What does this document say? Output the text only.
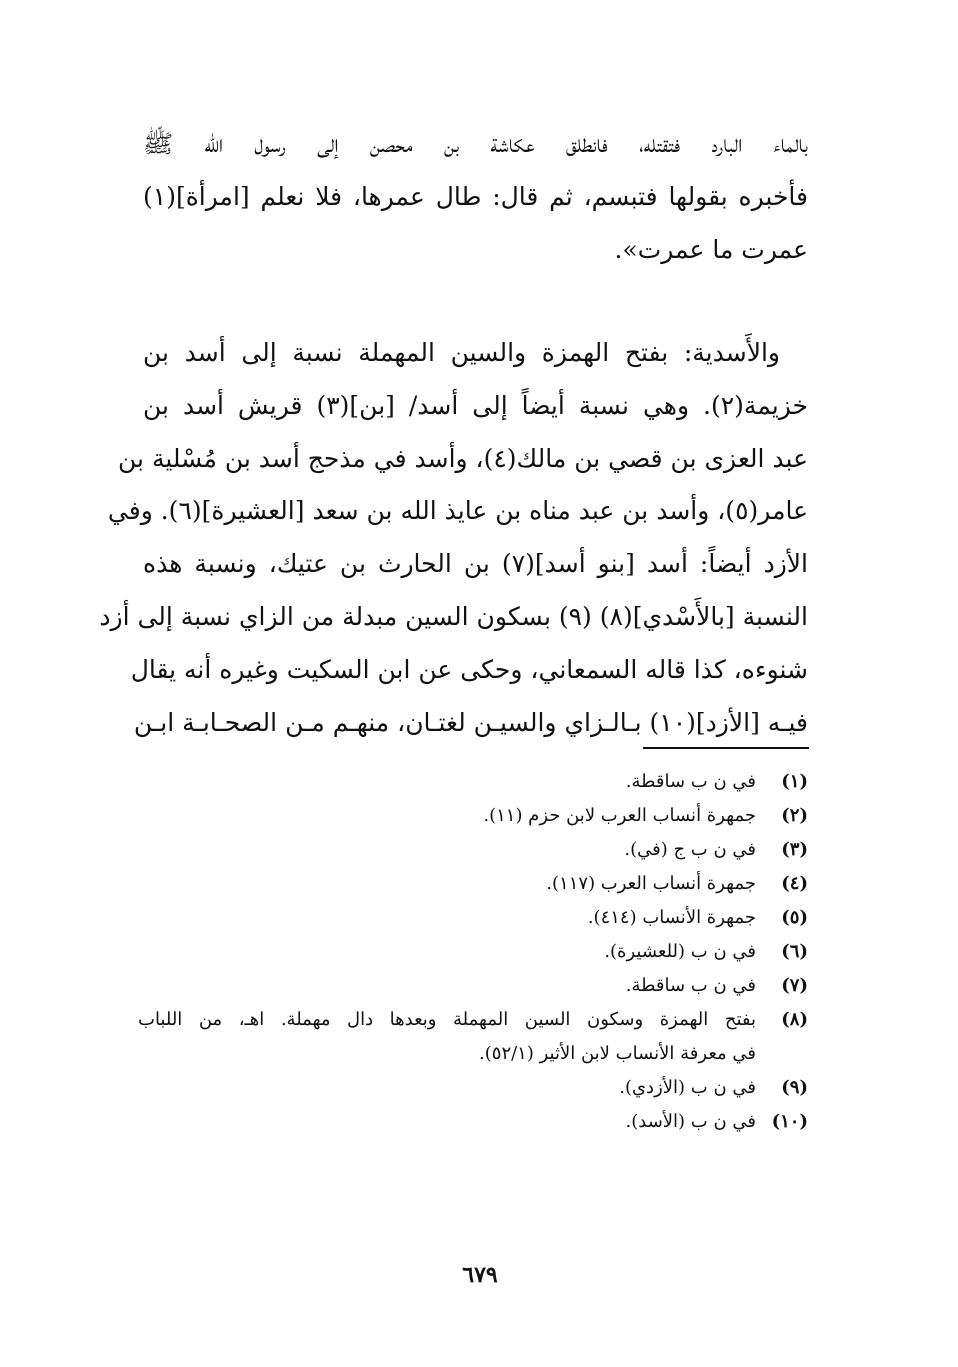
بالماء البارد فتقتله، فانطلق عكاشة بن محصن إلى رسول الله ﷺ
فأخبره بقولها فتبسم، ثم قال: طال عمرها، فلا نعلم [امرأة](١)
عمرت ما عمرت».
والأَسدية: بفتح الهمزة والسين المهملة نسبة إلى أسد بن
خزيمة(٢). وهي نسبة أيضاً إلى أسد/ [بن](٣) قريش أسد بن
عبد العزى بن قصي بن مالك(٤)، وأسد في مذحج أسد بن مُسْلية بن
عامر(٥)، وأسد بن عبد مناه بن عايذ الله بن سعد [العشيرة](٦). وفي
الأزد أيضاً: أسد [بنو أسد](٧) بن الحارث بن عتيك، ونسبة هذه
النسبة [بالأَسْدي](٨) (٩) بسكون السين مبدلة من الزاي نسبة إلى أزد
شنوءه، كذا قاله السمعاني، وحكى عن ابن السكيت وغيره أنه يقال
فيـه [الأزد](١٠) بـالـزاي والسيـن لغتـان، منهـم مـن الصحـابـة ابـن
(١)
في ن ب ساقطة.
(٢)
جمهرة أنساب العرب لابن حزم (١١).
(٣)
في ن ب ج (في).
(٤)
جمهرة أنساب العرب (١١٧).
(٥)
جمهرة الأنساب (٤١٤).
(٦)
في ن ب (للعشيرة).
(٧)
في ن ب ساقطة.
(٨)
بفتح الهمزة وسكون السين المهملة وبعدها دال مهملة. اهـ، من اللباب
في معرفة الأنساب لابن الأثير (٥٢/١).
(٩)
في ن ب (الأزدي).
(١٠)
في ن ب (الأسد).
٦٧٩
